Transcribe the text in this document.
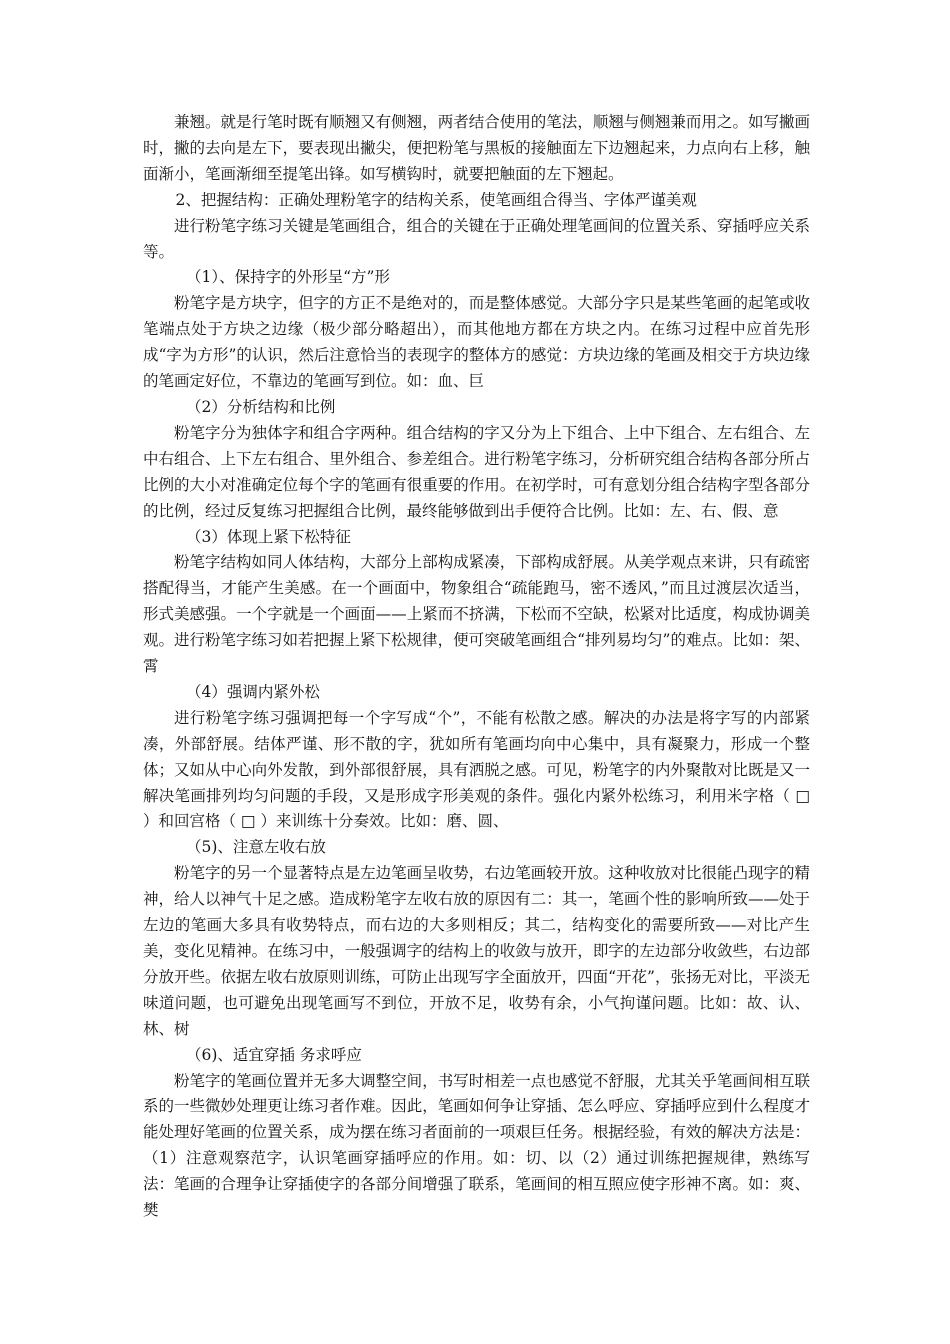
兼翘。就是行笔时既有顺翘又有侧翘，两者结合使用的笔法，顺翘与侧翘兼而用之。如写撇画时，撇的去向是左下，要表现出撇尖，便把粉笔与黑板的接触面左下边翘起来，力点向右上移，触面渐小，笔画渐细至提笔出锋。如写横钩时，就要把触面的左下翘起。

2、把握结构：正确处理粉笔字的结构关系，使笔画组合得当、字体严谨美观

进行粉笔字练习关键是笔画组合，组合的关键在于正确处理笔画间的位置关系、穿插呼应关系等。

（1）、保持字的外形呈“方”形

粉笔字是方块字，但字的方正不是绝对的，而是整体感觉。大部分字只是某些笔画的起笔或收笔端点处于方块之边缘（极少部分略超出），而其他地方都在方块之内。在练习过程中应首先形成“字为方形”的认识，然后注意恰当的表现字的整体方的感觉：方块边缘的笔画及相交于方块边缘的笔画定好位，不靠边的笔画写到位。如：血、巨

（2）分析结构和比例

粉笔字分为独体字和组合字两种。组合结构的字又分为上下组合、上中下组合、左右组合、左中右组合、上下左右组合、里外组合、参差组合。进行粉笔字练习，分析研究组合结构各部分所占比例的大小对准确定位每个字的笔画有很重要的作用。在初学时，可有意划分组合结构字型各部分的比例，经过反复练习把握组合比例，最终能够做到出手便符合比例。比如：左、右、假、意

（3）体现上紧下松特征

粉笔字结构如同人体结构，大部分上部构成紧凑，下部构成舒展。从美学观点来讲，只有疏密搭配得当，才能产生美感。在一个画面中，物象组合“疏能跑马，密不透风，”而且过渡层次适当，形式美感强。一个字就是一个画面——上紧而不挤满，下松而不空缺，松紧对比适度，构成协调美观。进行粉笔字练习如若把握上紧下松规律，便可突破笔画组合“排列易均匀”的难点。比如：架、霄

（4）强调内紧外松

进行粉笔字练习强调把每一个字写成“个”，不能有松散之感。解决的办法是将字写的内部紧凑，外部舒展。结体严谨、形不散的字，犹如所有笔画均向中心集中，具有凝聚力，形成一个整体；又如从中心向外发散，到外部很舒展，具有洒脱之感。可见，粉笔字的内外聚散对比既是又一解决笔画排列均匀问题的手段，又是形成字形美观的条件。强化内紧外松练习，利用米字格（ □ ）和回宫格（ □ ）来训练十分奏效。比如：磨、圆、

（5)、注意左收右放

粉笔字的另一个显著特点是左边笔画呈收势，右边笔画较开放。这种收放对比很能凸现字的精神，给人以神气十足之感。造成粉笔字左收右放的原因有二：其一，笔画个性的影响所致——处于左边的笔画大多具有收势特点，而右边的大多则相反；其二，结构变化的需要所致——对比产生美，变化见精神。在练习中，一般强调字的结构上的收敛与放开，即字的左边部分收敛些，右边部分放开些。依据左收右放原则训练，可防止出现写字全面放开，四面“开花”，张扬无对比，平淡无味道问题，也可避免出现笔画写不到位，开放不足，收势有余，小气拘谨问题。比如：故、认、林、树

（6)、适宜穿插 务求呼应

粉笔字的笔画位置并无多大调整空间，书写时相差一点也感觉不舒服，尤其关乎笔画间相互联系的一些微妙处理更让练习者作难。因此，笔画如何争让穿插、怎么呼应、穿插呼应到什么程度才能处理好笔画的位置关系，成为摆在练习者面前的一项艰巨任务。根据经验，有效的解决方法是：（1）注意观察范字，认识笔画穿插呼应的作用。如：切、以（2）通过训练把握规律，熟练写法：笔画的合理争让穿插使字的各部分间增强了联系，笔画间的相互照应使字形神不离。如：爽、樊
